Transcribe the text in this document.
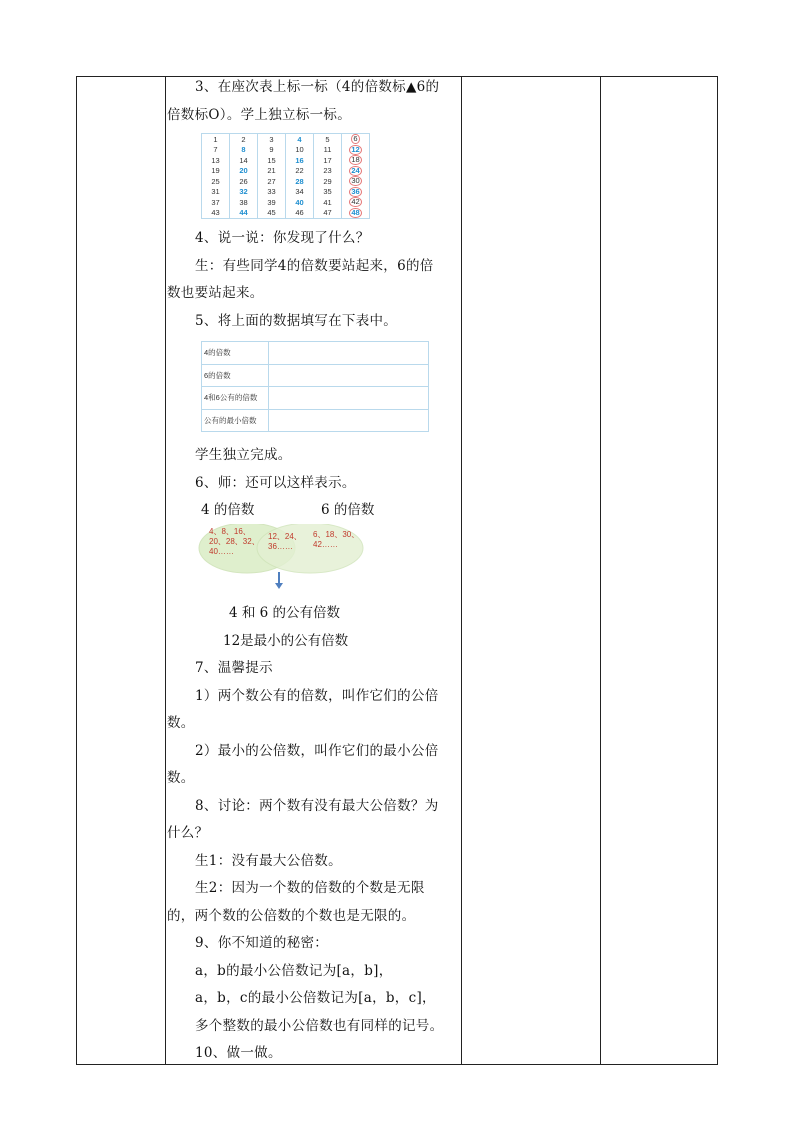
3、在座次表上标一标（4的倍数标▲6的

倍数标O）。学上独立标一标。

1	2	3	4	5	6
7	8	9	10	11	12
13	14	15	16	17	18
19	20	21	22	23	24
25	26	27	28	29	30
31	32	33	34	35	36
37	38	39	40	41	42
43	44	45	46	47	48

4、说一说：你发现了什么？

生：有些同学4的倍数要站起来，6的倍

数也要站起来。

5、将上面的数据填写在下表中。

4的倍数	
6的倍数	
4和6公有的倍数	
公有的最小倍数	

学生独立完成。

6、师：还可以这样表示。

4 的倍数	6 的倍数
4、8、16、
20、28、32、
40……
12、24、
36……
6、18、30、
42……
4 和 6 的公有倍数
12是最小的公有倍数

7、温馨提示

1）两个数公有的倍数，叫作它们的公倍

数。

2）最小的公倍数，叫作它们的最小公倍

数。

8、讨论：两个数有没有最大公倍数？为

什么？

生1：没有最大公倍数。

生2：因为一个数的倍数的个数是无限

的，两个数的公倍数的个数也是无限的。

9、你不知道的秘密：

a，b的最小公倍数记为[a，b]，

a，b，c的最小公倍数记为[a，b，c]，

多个整数的最小公倍数也有同样的记号。

10、做一做。
